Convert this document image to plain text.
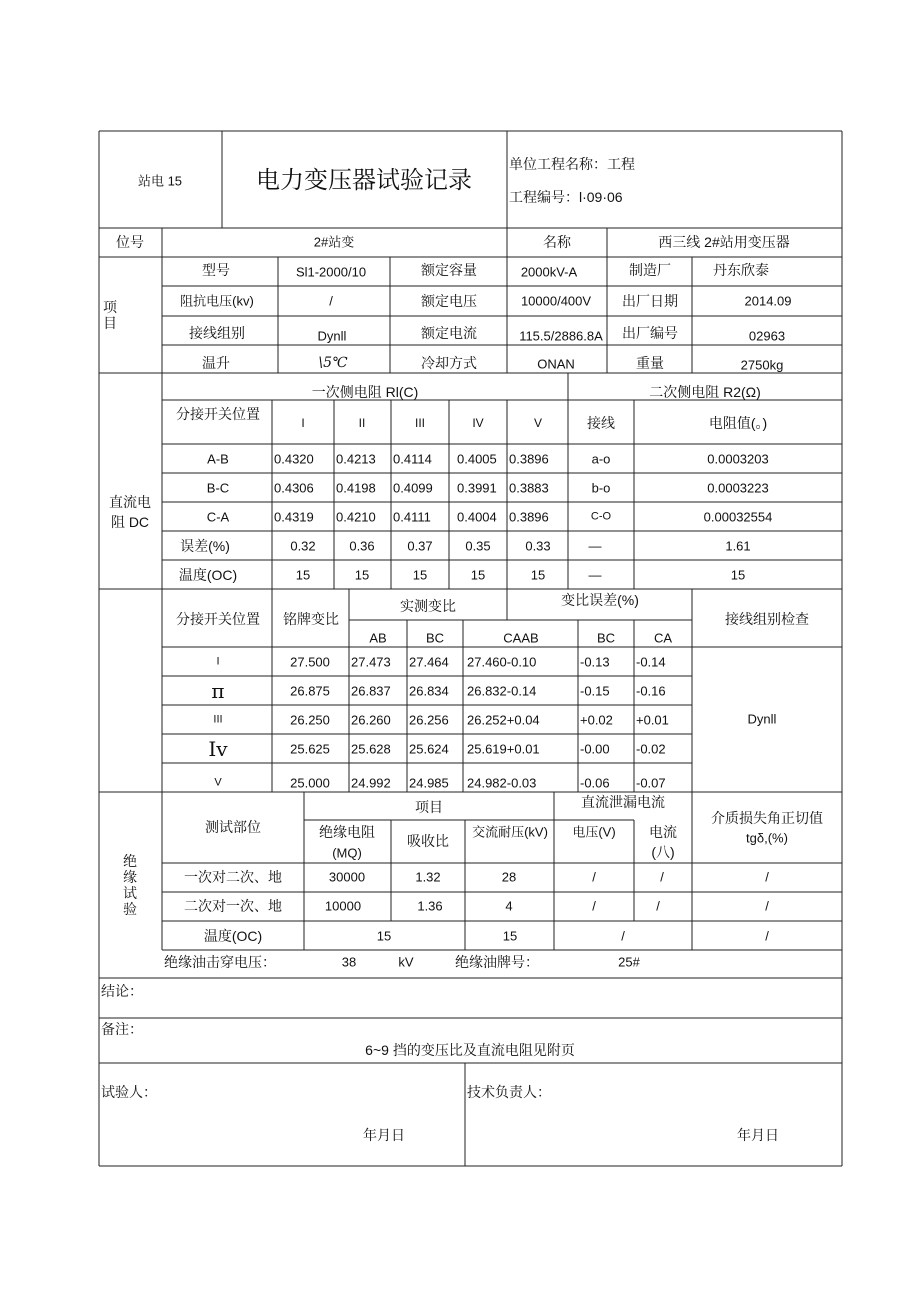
站电 15	电力变压器试验记录
单位工程名称：工程
工程编号：l·09·06
位号	2#站变	名称	西三线 2#站用变压器
项目
型号	Sl1-2000/10	额定容量	2000kV-A	制造厂	丹东欣泰
阻抗电压(kv)	/	额定电压	10000/400V 出厂日期	2014.09
接线组别	Dynll	额定电流	115.5/2886.8A 出厂编号	02963
温升	\5℃	冷却方式	ONAN	重量	2750kg
直流电阻 DC
一次侧电阻 Rl(C)	二次侧电阻 R2(Ω)
分接开关位置
I	II	III	IV	V	接线	电阻值(。)
A-B	0.4320 0.4213 0.4114 0.4005 0.3896	a-o	0.0003203
B-C	0.4306 0.4198 0.4099 0.3991 0.3883	b-o	0.0003223
C-A	0.4319 0.4210 0.4111 0.4004 0.3896	C-O	0.00032554
误差(%)	0.32	0.36	0.37	0.35	0.33	—	1.61
温度(OC)	15	15	15	15	15	—	15
分接开关位置 铭牌变比
实测变比	变比误差(%)
接线组别检查
AB	BC	CAAB	BC	CA
I	27.500 27.473 27.464 27.460-0.10	-0.13 -0.14
π	26.875 26.837 26.834 26.832-0.14	-0.15 -0.16
III	26.250 26.260 26.256 26.252+0.04	+0.02 +0.01
Iv	25.625 25.628 25.624 25.619+0.01	-0.00 -0.02
V	25.000 24.992 24.985 24.982-0.03	-0.06 -0.07
Dynll
绝缘试验
测试部位
项目	直流泄漏电流
介质损失角正切值
tgδ,(%)
绝缘电阻
(MQ)
吸收比
交流耐压(kV) 电压(V) 电流
(八)
一次对二次、地	30000	1.32	28	/	/	/
二次对一次、地	10000	1.36	4	/	/	/
温度(OC)	15	15	/	/
绝缘油击穿电压：	38	kV	绝缘油牌号：	25#
结论：
备注：
6~9 挡的变压比及直流电阻见附页
试验人：	技术负责人：
年月日	年月日
